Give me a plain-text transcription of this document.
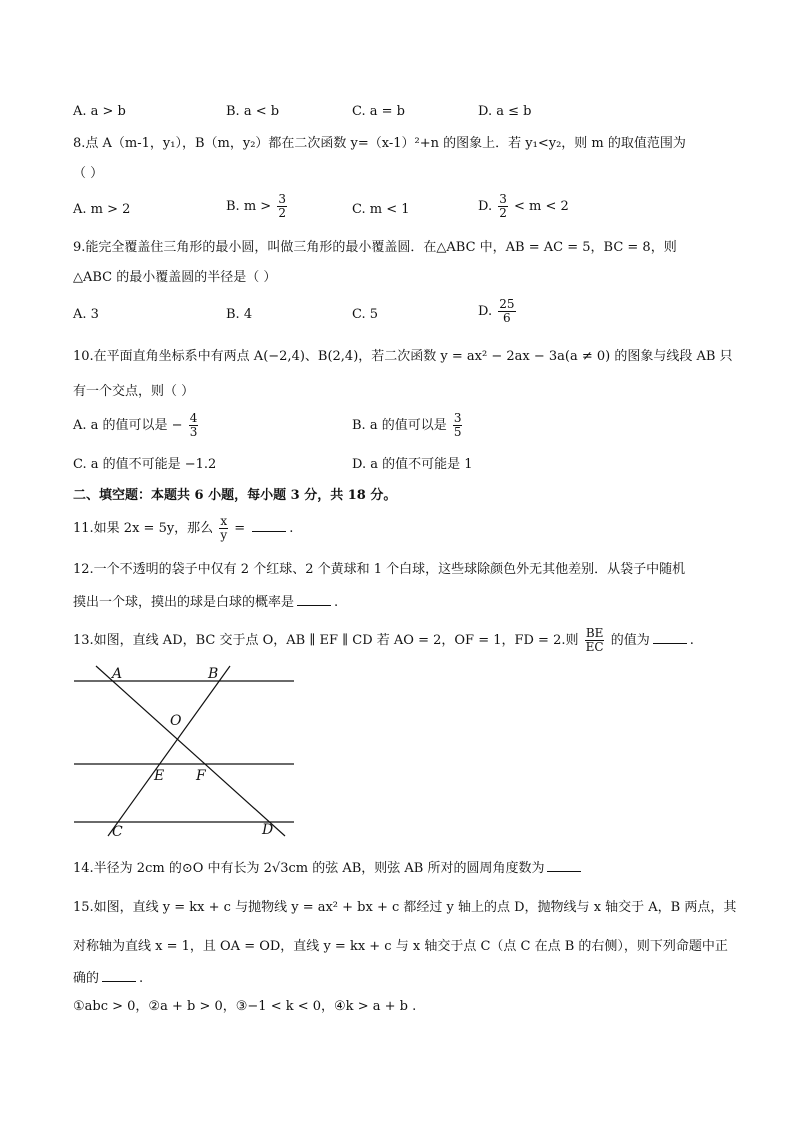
A. a > b	B. a < b	C. a = b	D. a ≤ b
8.点 A（m-1，y₁），B（m，y₂）都在二次函数 y=（x-1）²+n 的图象上．若 y₁<y₂，则 m 的取值范围为
（ ）
A. m > 2	B. $m > \frac{3}{2}$	C. m < 1	D. $\frac{3}{2} < m < 2$
9.能完全覆盖住三角形的最小圆，叫做三角形的最小覆盖圆．在△ABC 中，AB = AC = 5，BC = 8，则
△ABC 的最小覆盖圆的半径是（ ）
A. 3	B. 4	C. 5	D. $\frac{25}{6}$
10.在平面直角坐标系中有两点 A(−2,4)、B(2,4)，若二次函数 y = ax² − 2ax − 3a(a ≠ 0) 的图象与线段 AB 只
有一个交点，则（ ）
A. a 的值可以是 − $\frac{4}{3}$	B. a 的值可以是 $\frac{3}{5}$
C. a 的值不可能是 −1.2	D. a 的值不可能是 1
二、填空题：本题共 6 小题，每小题 3 分，共 18 分。
11.如果 2x = 5y，那么 $\frac{x}{y}$ =	.
12.一个不透明的袋子中仅有 2 个红球、2 个黄球和 1 个白球，这些球除颜色外无其他差别．从袋子中随机
摸出一个球，摸出的球是白球的概率是	.
13.如图，直线 AD，BC 交于点 O，AB ∥ EF ∥ CD 若 AO = 2，OF = 1，FD = 2.则 $\frac{BE}{EC}$ 的值为	.
A	B
O
E F
C	D
14.半径为 2cm 的⊙O 中有长为 2√3cm 的弦 AB，则弦 AB 所对的圆周角度数为
15.如图，直线 y = kx + c 与抛物线 y = ax² + bx + c 都经过 y 轴上的点 D，抛物线与 x 轴交于 A，B 两点，其
对称轴为直线 x = 1，且 OA = OD，直线 y = kx + c 与 x 轴交于点 C（点 C 在点 B 的右侧），则下列命题中正
确的	.
①abc > 0，②a + b > 0，③−1 < k < 0，④k > a + b .
